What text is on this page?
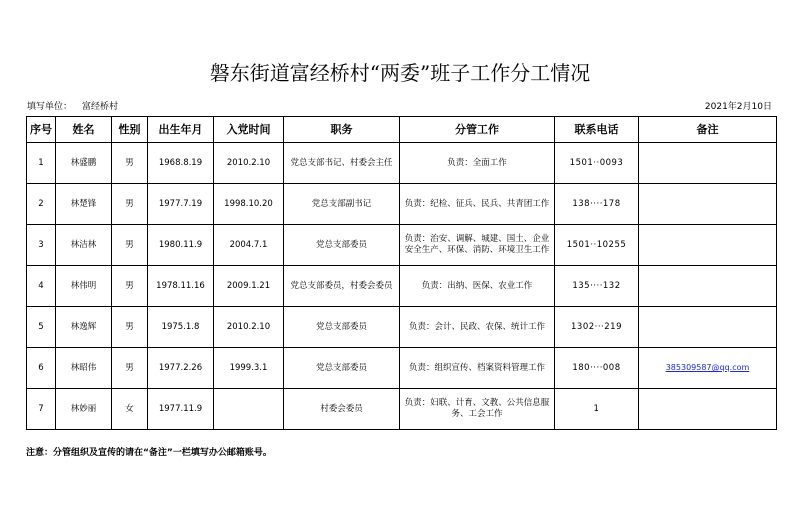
磐东街道富经桥村“两委”班子工作分工情况
填写单位： 富经桥村	2021年2月10日
序号	姓名	性别	出生年月	入党时间	职务	分管工作	联系电话	备注
1	林盛鹏	男	1968.8.19	2010.2.10	党总支部书记、村委会主任	负责：全面工作	1501··0093	
2	林楚锋	男	1977.7.19	1998.10.20	党总支部副书记	负责：纪检、征兵、民兵、共青团工作	138····178	
3	林洁林	男	1980.11.9	2004.7.1	党总支部委员	负责：治安、调解、城建、国土、企业安全生产、环保、消防、环境卫生工作	1501··10255	
4	林伟明	男	1978.11.16	2009.1.21	党总支部委员，村委会委员	负责：出纳、医保、农业工作	135····132	
5	林逸辉	男	1975.1.8	2010.2.10	党总支部委员	负责：会计、民政、农保、统计工作	1302···219	
6	林昭伟	男	1977.2.26	1999.3.1	党总支部委员	负责：组织宣传、档案资料管理工作	180····008	385309587@qq.com
7	林妙丽	女	1977.11.9		村委会委员	负责：妇联、计育、文教、公共信息服务、工会工作	1	
注意：分管组织及宣传的请在“备注”一栏填写办公邮箱账号。
